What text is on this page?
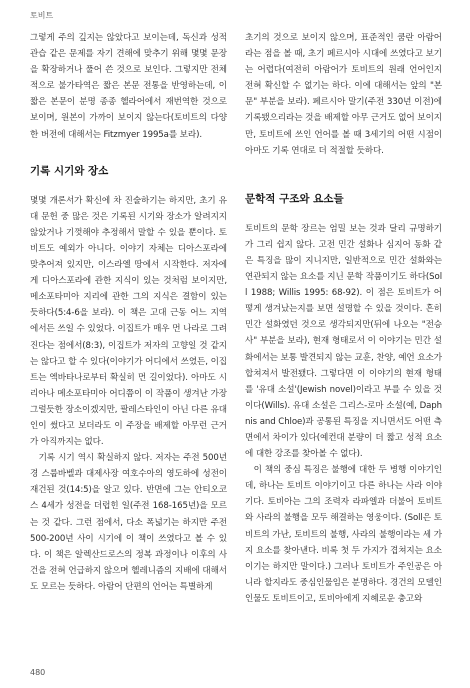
토비트

그렇게 주의 깊지는 않았다고 보이는데, 독신과 성적 관습 같은 문제를 자기 견해에 맞추기 위해 몇몇 문장을 확장하거나 풀어 쓴 것으로 보인다. 그렇지만 전체적으로 불가타역은 짧은 본문 전통을 반영하는데, 이 짧은 본문이 분명 종종 헬라어에서 재번역한 것으로 보이며, 원본이 가까이 보이지 않는다(토비트의 다양한 버전에 대해서는 Fitzmyer 1995a를 보라).

기록 시기와 장소

몇몇 개론서가 확신에 차 진술하기는 하지만, 초기 유대 문헌 중 많은 것은 기록된 시기와 장소가 알려지지 않았거나 기껏해야 추정해서 말할 수 있을 뿐이다. 토비트도 예외가 아니다. 이야기 자체는 디아스포라에 맞추어져 있지만, 이스라엘 땅에서 시작한다. 저자에게 디아스포라에 관한 지식이 있는 것처럼 보이지만, 메소포타미아 지리에 관한 그의 지식은 결함이 있는 듯하다(5:4-6을 보라). 이 책은 고대 근동 어느 지역에서든 쓰일 수 있었다. 이집트가 매우 먼 나라로 그려진다는 점에서(8:3), 이집트가 저자의 고향일 것 같지는 않다고 할 수 있다(이야기가 어디에서 쓰였든, 이집트는 엑바타나로부터 확실히 먼 길이었다). 아마도 시리아나 메소포타미아 어디쯤이 이 작품이 생겨난 가장 그럴듯한 장소이겠지만, 팔레스타인이 아닌 다른 유대인이 썼다고 보더라도 이 주장을 배제할 아무런 근거가 아직까지는 없다.

기록 시기 역시 확실하지 않다. 저자는 주전 500년경 스룹바벨과 대제사장 여호수아의 영도하에 성전이 재건된 것(14:5)을 알고 있다. 반면에 그는 안티오코스 4세가 성전을 더럽힌 일(주전 168-165년)을 모르는 것 같다. 그런 점에서, 다소 폭넓기는 하지만 주전 500-200년 사이 시기에 이 책이 쓰였다고 볼 수 있다. 이 책은 알렉산드로스의 정복 과정이나 이후의 사건을 전혀 언급하지 않으며 헬레니즘의 지배에 대해서도 모르는 듯하다. 아람어 단편의 언어는 특별하게

초기의 것으로 보이지 않으며, 표준적인 쿰란 아람어라는 점을 볼 때, 초기 페르시아 시대에 쓰였다고 보기는 어렵다(여전히 아람어가 토비트의 원래 언어인지 전혀 확신할 수 없기는 하다. 이에 대해서는 앞의 "본문" 부분을 보라). 페르시아 말기(주전 330년 이전)에 기록됐으리라는 것을 배제할 아무 근거도 없어 보이지만, 토비트에 쓰인 언어를 볼 때 3세기의 어떤 시점이 아마도 기록 연대로 더 적절할 듯하다.

문학적 구조와 요소들

토비트의 문학 장르는 엄밀 보는 것과 달리 규명하기가 그리 쉽지 않다. 고전 민간 설화나 심지어 동화 같은 특징을 많이 지니지만, 일반적으로 민간 설화와는 연관되지 않는 요소를 지닌 문학 작품이기도 하다(Soll 1988; Willis 1995: 68-92). 이 점은 토비트가 어떻게 생겨났는지를 보면 설명할 수 있을 것이다. 흔히 민간 설화였던 것으로 생각되지만(뒤에 나오는 "전승사" 부분을 보라), 현재 형태로서 이 이야기는 민간 설화에서는 보통 발견되지 않는 교훈, 찬양, 예언 요소가 합쳐져서 발전됐다. 그렇다면 이 이야기의 현재 형태를 '유대 소설'(Jewish novel)이라고 부를 수 있을 것이다(Wills). 유대 소설은 그리스-로마 소설(예, Daphnis and Chloe)과 공통된 특징을 지니면서도 어떤 측면에서 차이가 있다(예컨대 분량이 더 짧고 성적 요소에 대한 강조를 찾아볼 수 없다).

이 책의 중심 특징은 불행에 대한 두 병행 이야기인데, 하나는 토비트 이야기이고 다른 하나는 사라 이야기다. 토비아는 그의 조력자 라파엘과 더불어 토비트와 사라의 불행을 모두 해결하는 영웅이다. (Soll은 토비트의 가난, 토비트의 불행, 사라의 불행이라는 세 가지 요소를 찾아낸다. 비록 첫 두 가지가 겹쳐지는 요소이기는 하지만 말이다.) 그러나 토비트가 주인공은 아니라 할지라도 중심인물임은 분명하다. 경건의 모델인 인물도 토비트이고, 토비아에게 지혜로운 충고와

480
